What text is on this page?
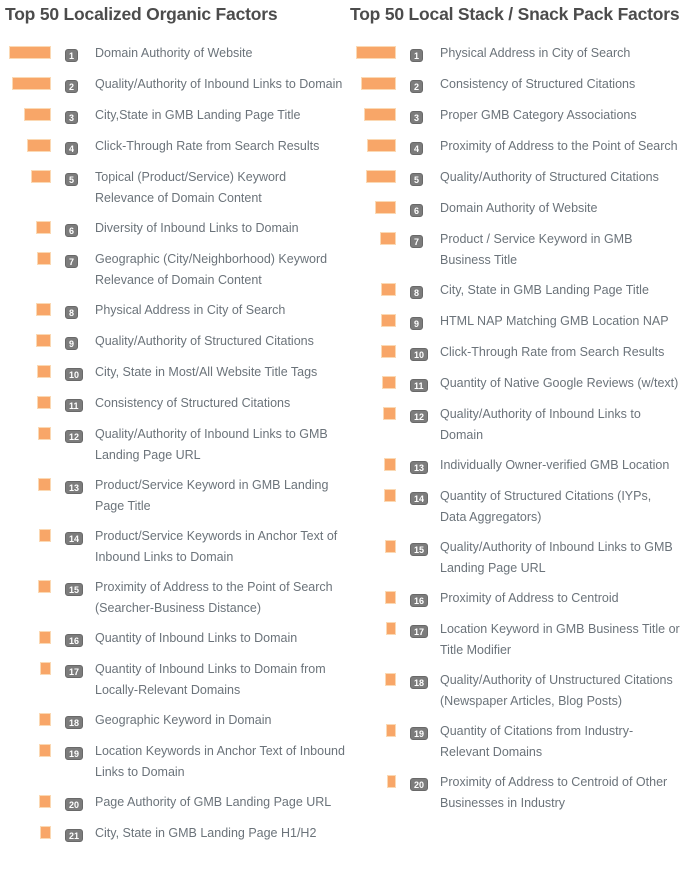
Top 50 Localized Organic Factors
1	Domain Authority of Website
2	Quality/Authority of Inbound Links to Domain
3	City,State in GMB Landing Page Title
4	Click-Through Rate from Search Results
5	Topical (Product/Service) Keyword Relevance of Domain Content
6	Diversity of Inbound Links to Domain
7	Geographic (City/Neighborhood) Keyword Relevance of Domain Content
8	Physical Address in City of Search
9	Quality/Authority of Structured Citations
10	City, State in Most/All Website Title Tags
11	Consistency of Structured Citations
12	Quality/Authority of Inbound Links to GMB Landing Page URL
13	Product/Service Keyword in GMB Landing Page Title
14	Product/Service Keywords in Anchor Text of Inbound Links to Domain
15	Proximity of Address to the Point of Search (Searcher-Business Distance)
16	Quantity of Inbound Links to Domain
17	Quantity of Inbound Links to Domain from Locally-Relevant Domains
18	Geographic Keyword in Domain
19	Location Keywords in Anchor Text of Inbound Links to Domain
20	Page Authority of GMB Landing Page URL
21	City, State in GMB Landing Page H1/H2
Top 50 Local Stack / Snack Pack Factors
1	Physical Address in City of Search
2	Consistency of Structured Citations
3	Proper GMB Category Associations
4	Proximity of Address to the Point of Search
5	Quality/Authority of Structured Citations
6	Domain Authority of Website
7	Product / Service Keyword in GMB Business Title
8	City, State in GMB Landing Page Title
9	HTML NAP Matching GMB Location NAP
10	Click-Through Rate from Search Results
11	Quantity of Native Google Reviews (w/text)
12	Quality/Authority of Inbound Links to Domain
13	Individually Owner-verified GMB Location
14	Quantity of Structured Citations (IYPs, Data Aggregators)
15	Quality/Authority of Inbound Links to GMB Landing Page URL
16	Proximity of Address to Centroid
17	Location Keyword in GMB Business Title or Title Modifier
18	Quality/Authority of Unstructured Citations (Newspaper Articles, Blog Posts)
19	Quantity of Citations from Industry-Relevant Domains
20	Proximity of Address to Centroid of Other Businesses in Industry
